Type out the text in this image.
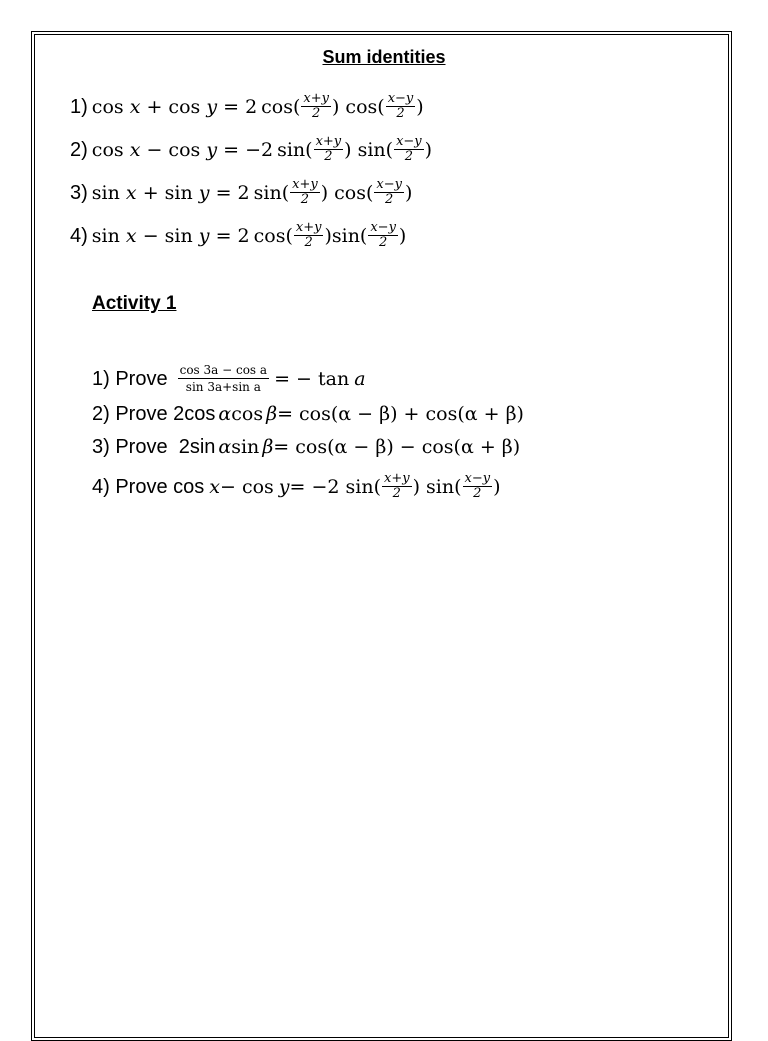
Sum identities
1) cos x + cos y = 2 $\cos( \frac{x+y}{2}$ ) $\cos( \frac{x-y}{2}$ )
2) cos x − cos y = −2 $\sin( \frac{x+y}{2}$ ) $\sin( \frac{x-y}{2}$ )
3) sin x + sin y = 2 $\sin( \frac{x+y}{2}$ ) $\cos( \frac{x-y}{2}$ )
4) sin x − sin y = 2 $\cos( \frac{x+y}{2} )\sin( \frac{x-y}{2}$ )
Activity 1
1) Prove $\frac{\text{cos 3a − cos a}}{\text{sin 3a+sin a}}$ = − tan a
2) Prove 2cos α cos β = cos(α − β) + cos(α + β)
3) Prove  2sin α sin β = cos(α − β) − cos(α + β)
4) Prove cos x − cos y = −2 $\sin( \frac{x+y}{2}$ ) $\sin( \frac{x-y}{2}$ )
